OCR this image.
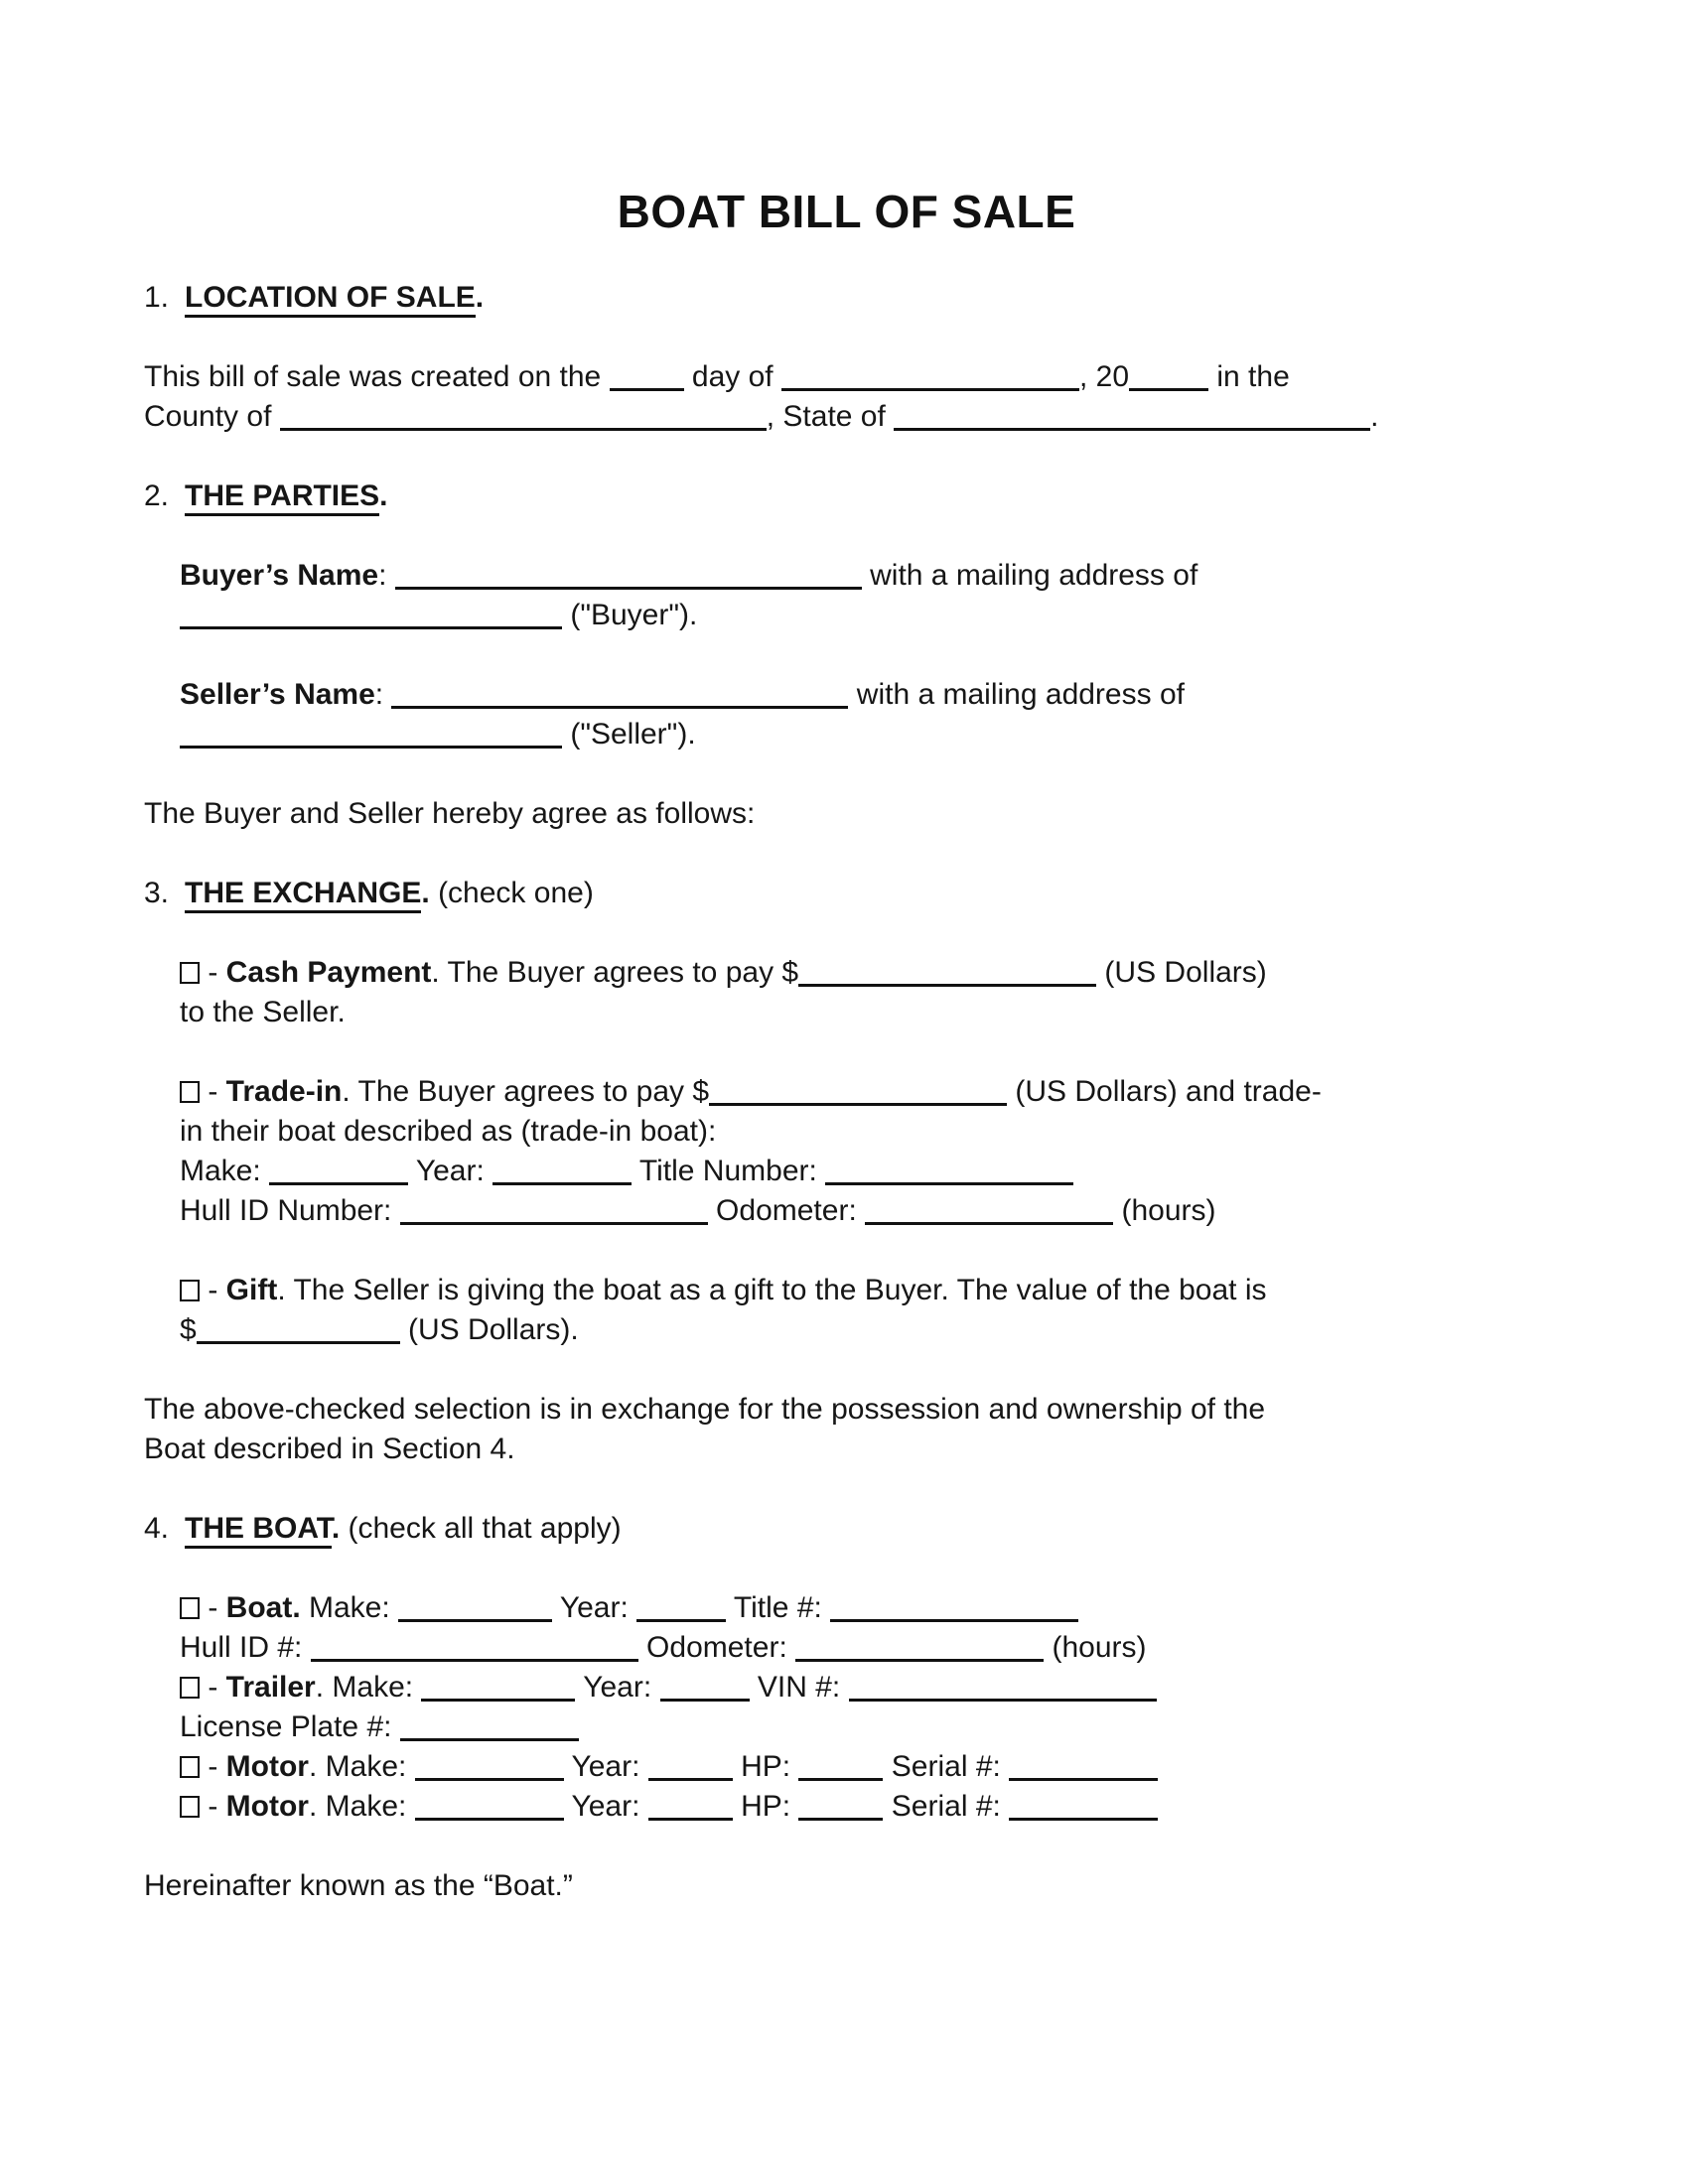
BOAT BILL OF SALE
1. LOCATION OF SALE.
This bill of sale was created on the	day of	, 20	in the
County of	, State of	.
2. THE PARTIES.
Buyer’s Name:	with a mailing address of
("Buyer").
Seller’s Name:	with a mailing address of
("Seller").
The Buyer and Seller hereby agree as follows:
3. THE EXCHANGE. (check one)
- Cash Payment. The Buyer agrees to pay $	(US Dollars)
to the Seller.
- Trade-in. The Buyer agrees to pay $	(US Dollars) and trade-
in their boat described as (trade-in boat):
Make:	Year:	Title Number:
Hull ID Number:	Odometer:	(hours)
- Gift. The Seller is giving the boat as a gift to the Buyer. The value of the boat is
$	(US Dollars).
The above-checked selection is in exchange for the possession and ownership of the
Boat described in Section 4.
4. THE BOAT. (check all that apply)
- Boat. Make:	Year:	Title #:
Hull ID #:	Odometer:	(hours)
- Trailer. Make:	Year:	VIN #:
License Plate #:
- Motor. Make:	Year:	HP:	Serial #:
- Motor. Make:	Year:	HP:	Serial #:
Hereinafter known as the “Boat.”
